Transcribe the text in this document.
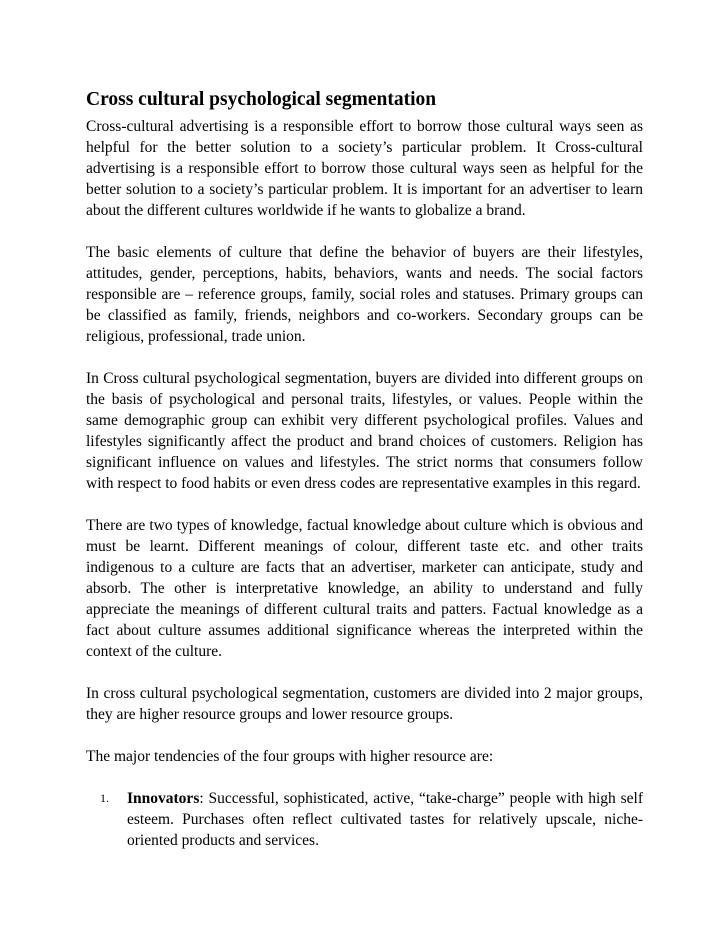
Cross cultural psychological segmentation

Cross-cultural advertising is a responsible effort to borrow those cultural ways seen as helpful for the better solution to a society’s particular problem. It Cross-cultural advertising is a responsible effort to borrow those cultural ways seen as helpful for the better solution to a society’s particular problem. It is important for an advertiser to learn about the different cultures worldwide if he wants to globalize a brand.

The basic elements of culture that define the behavior of buyers are their lifestyles, attitudes, gender, perceptions, habits, behaviors, wants and needs. The social factors responsible are – reference groups, family, social roles and statuses. Primary groups can be classified as family, friends, neighbors and co-workers. Secondary groups can be religious, professional, trade union.

In Cross cultural psychological segmentation, buyers are divided into different groups on the basis of psychological and personal traits, lifestyles, or values. People within the same demographic group can exhibit very different psychological profiles. Values and lifestyles significantly affect the product and brand choices of customers. Religion has significant influence on values and lifestyles. The strict norms that consumers follow with respect to food habits or even dress codes are representative examples in this regard.

There are two types of knowledge, factual knowledge about culture which is obvious and must be learnt. Different meanings of colour, different taste etc. and other traits indigenous to a culture are facts that an advertiser, marketer can anticipate, study and absorb. The other is interpretative knowledge, an ability to understand and fully appreciate the meanings of different cultural traits and patters. Factual knowledge as a fact about culture assumes additional significance whereas the interpreted within the context of the culture.

In cross cultural psychological segmentation, customers are divided into 2 major groups, they are higher resource groups and lower resource groups.

The major tendencies of the four groups with higher resource are:

1. Innovators: Successful, sophisticated, active, “take-charge” people with high self esteem. Purchases often reflect cultivated tastes for relatively upscale, niche-oriented products and services.
